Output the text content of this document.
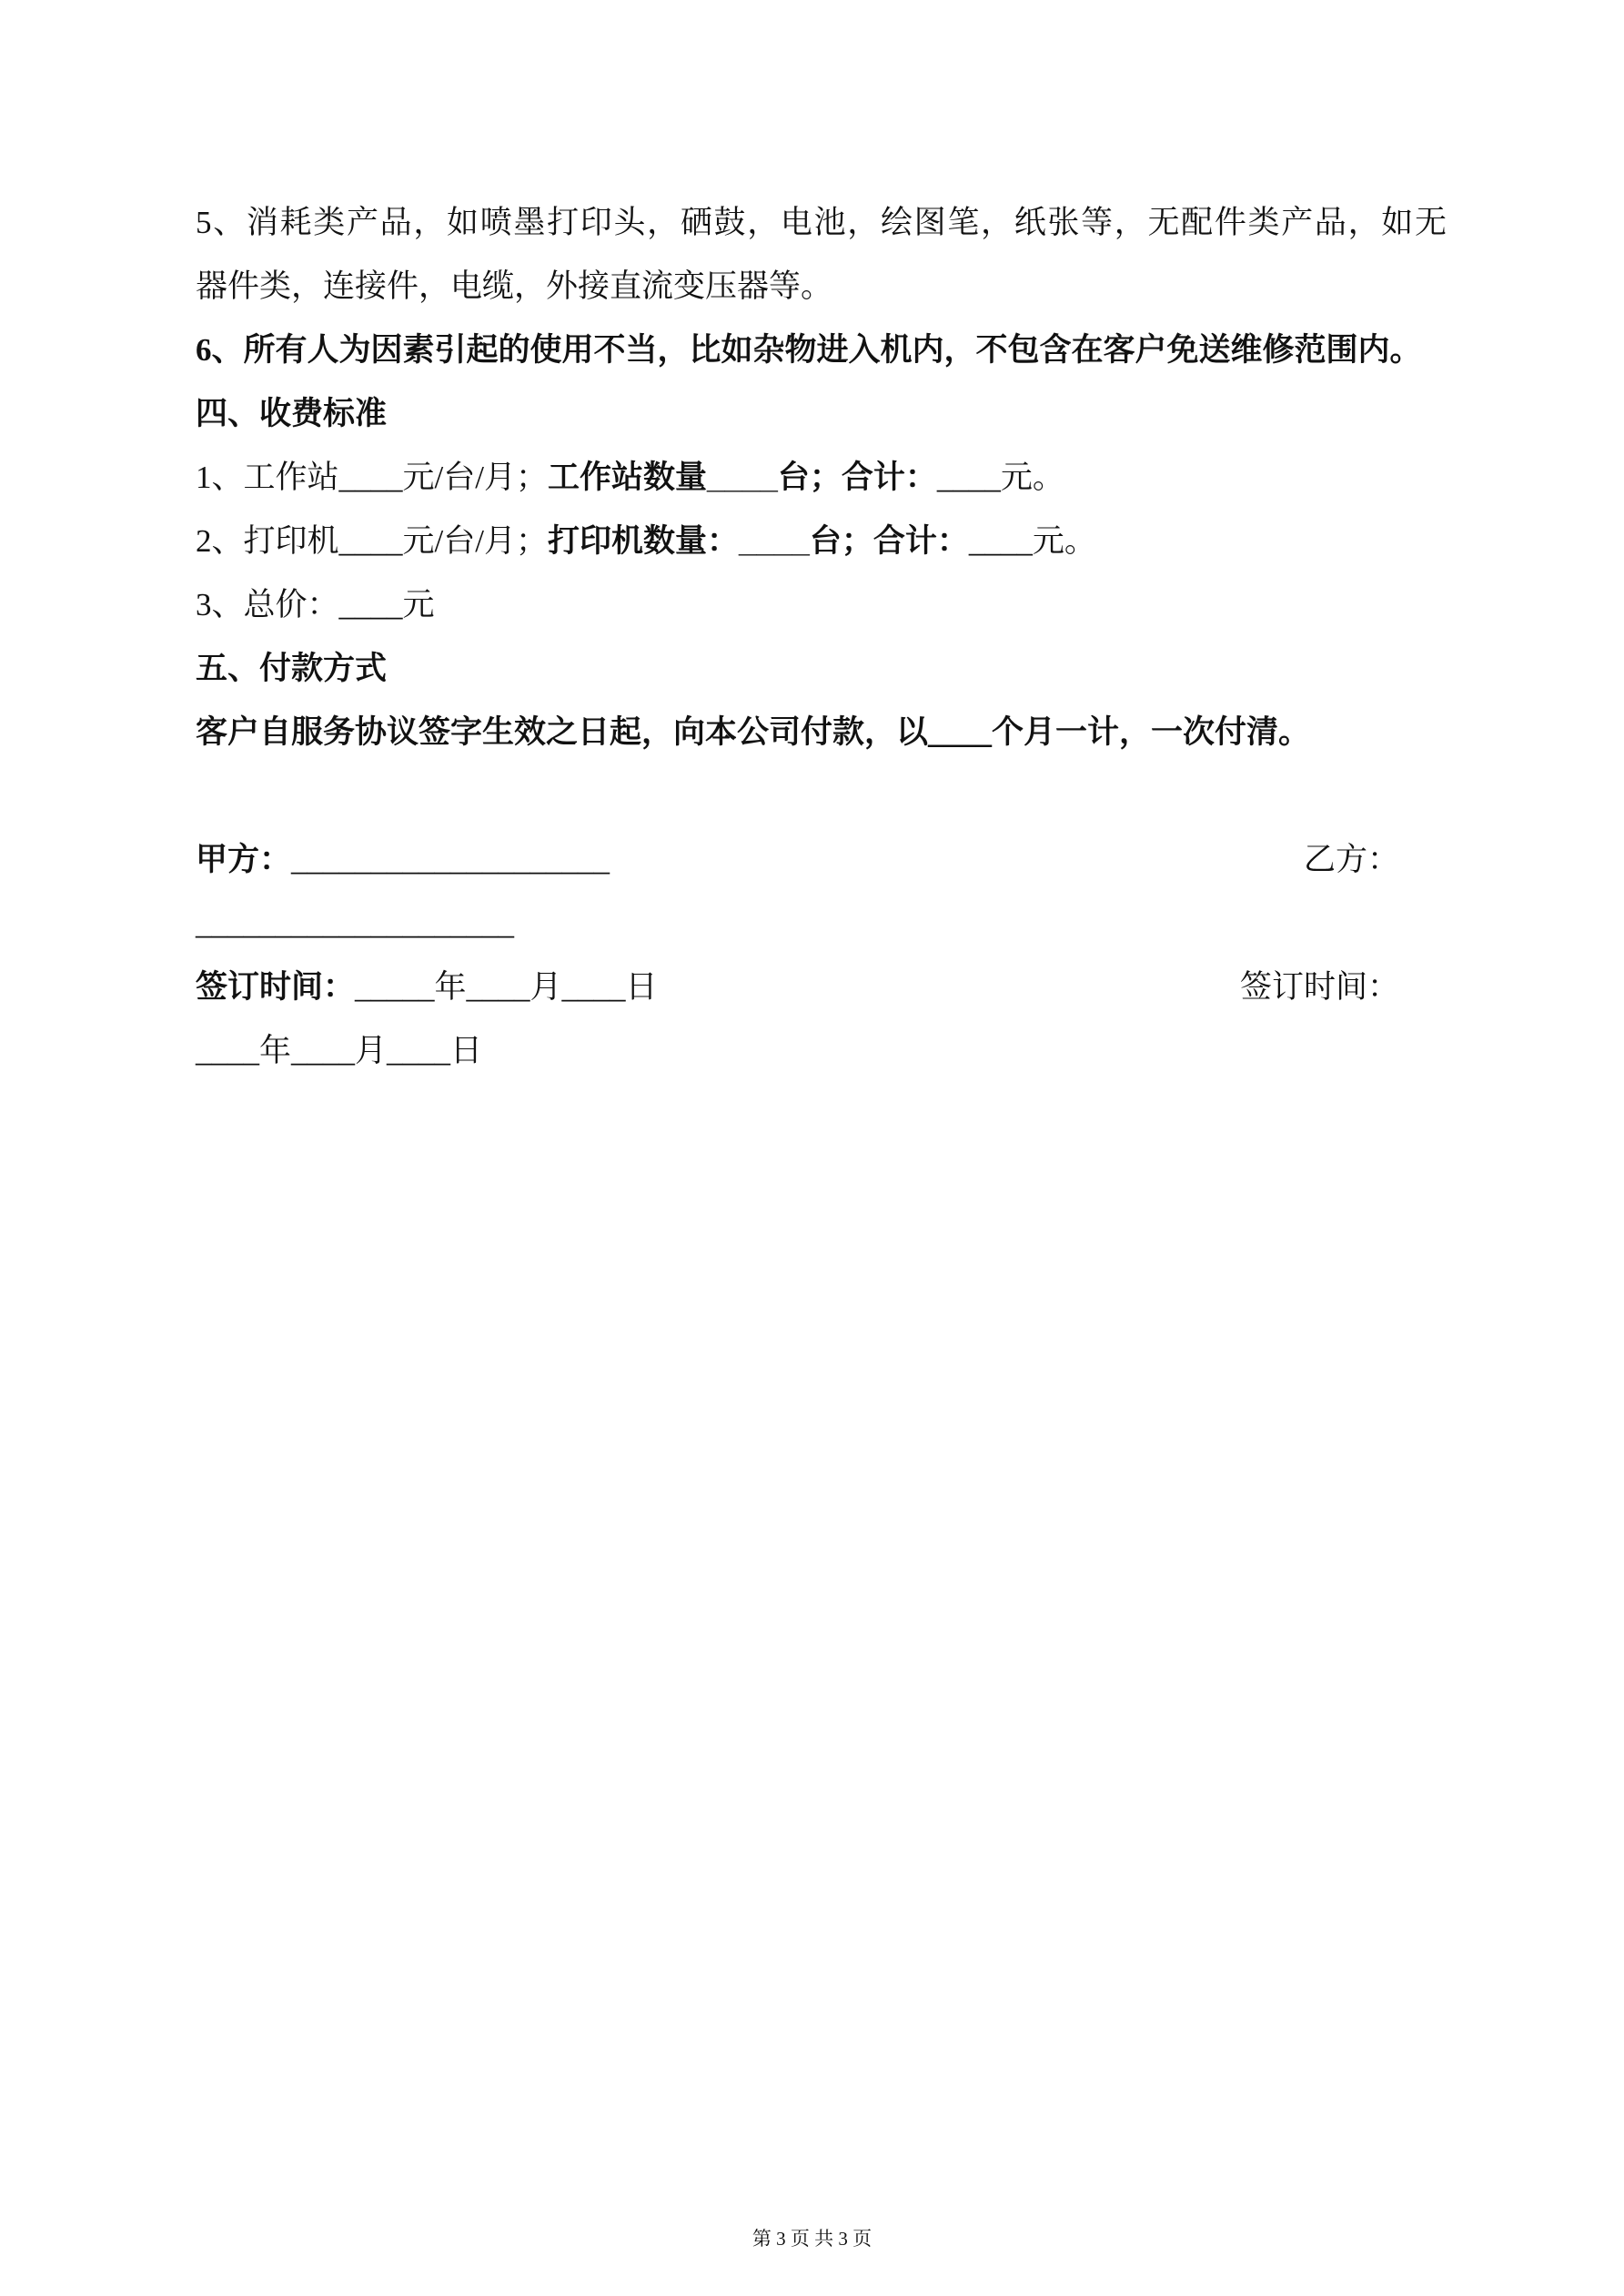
5、消耗类产品，如喷墨打印头，硒鼓，电池，绘图笔，纸张等，无配件类产品，如无

器件类，连接件，电缆，外接直流变压器等。

6、所有人为因素引起的使用不当，比如杂物进入机内，不包含在客户免送维修范围内。

四、收费标准

1、工作站____元/台/月；工作站数量____台；合计：____元。

2、打印机____元/台/月；打印机数量：____台；合计：____元。

3、总价：____元

五、付款方式

客户自服务协议签字生效之日起，向本公司付款，以____个月一计，一次付清。

甲方：____________________	乙方：

____________________

签订时间：_____年____月____日	签订时间：

____年____月____日

第 3 页 共 3 页
